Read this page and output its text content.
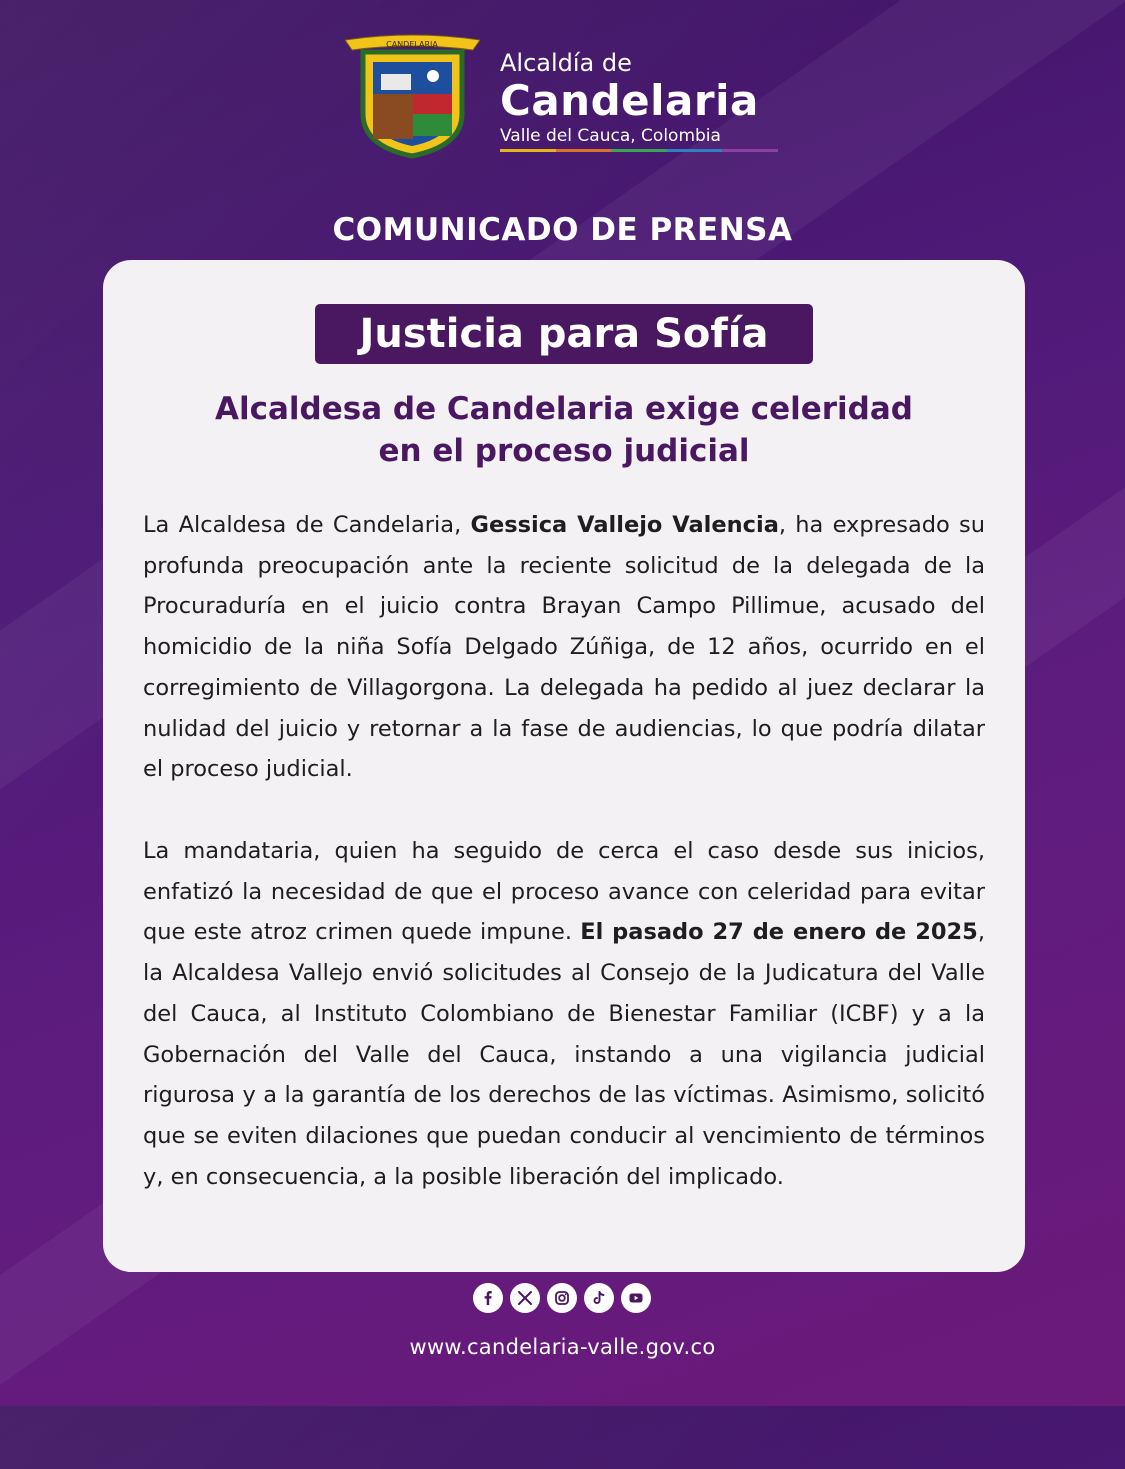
CANDELARIA
Alcaldía de
Candelaria
Valle del Cauca, Colombia
COMUNICADO DE PRENSA
Justicia para Sofía
Alcaldesa de Candelaria exige celeridad
en el proceso judicial
La Alcaldesa de Candelaria, Gessica Vallejo Valencia, ha expresado su profunda preocupación ante la reciente solicitud de la delegada de la Procuraduría en el juicio contra Brayan Campo Pillimue, acusado del homicidio de la niña Sofía Delgado Zúñiga, de 12 años, ocurrido en el corregimiento de Villagorgona. La delegada ha pedido al juez declarar la nulidad del juicio y retornar a la fase de audiencias, lo que podría dilatar el proceso judicial.
La mandataria, quien ha seguido de cerca el caso desde sus inicios, enfatizó la necesidad de que el proceso avance con celeridad para evitar que este atroz crimen quede impune. El pasado 27 de enero de 2025, la Alcaldesa Vallejo envió solicitudes al Consejo de la Judicatura del Valle del Cauca, al Instituto Colombiano de Bienestar Familiar (ICBF) y a la Gobernación del Valle del Cauca, instando a una vigilancia judicial rigurosa y a la garantía de los derechos de las víctimas. Asimismo, solicitó que se eviten dilaciones que puedan conducir al vencimiento de términos y, en consecuencia, a la posible liberación del implicado.
www.candelaria-valle.gov.co
